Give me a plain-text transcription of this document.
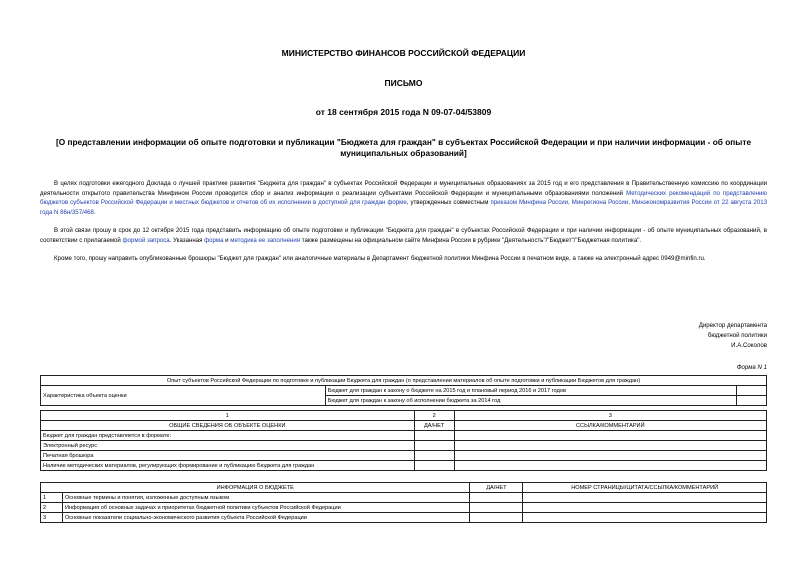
МИНИСТЕРСТВО ФИНАНСОВ РОССИЙСКОЙ ФЕДЕРАЦИИ
ПИСЬМО
от 18 сентября 2015 года N 09-07-04/53809
[О представлении информации об опыте подготовки и публикации "Бюджета для граждан" в субъектах Российской Федерации и при наличии информации - об опыте муниципальных образований]

В целях подготовки ежегодного Доклада о лучшей практике развития "Бюджета для граждан" в субъектах Российской Федерации и муниципальных образованиях за 2015 год и его представления в Правительственную комиссию по координации деятельности открытого правительства Минфином России проводится сбор и анализ информации о реализации субъектами Российской Федерации и муниципальными образованиями положений Методических рекомендаций по представлению бюджетов субъектов Российской Федерации и местных бюджетов и отчетов об их исполнении в доступной для граждан форме, утвержденных совместным приказом Минфина России, Минрегиона России, Минэкономразвития России от 22 августа 2013 года N 86н/357/468.

В этой связи прошу в срок до 12 октября 2015 года представить информацию об опыте подготовки и публикации "Бюджета для граждан" в субъектах Российской Федерации и при наличии информации - об опыте муниципальных образований, в соответствии с прилагаемой формой запроса. Указанная форма и методика ее заполнения также размещены на официальном сайте Минфина России в рубрике "Деятельность"/"Бюджет"/"Бюджетная политика".

Кроме того, прошу направить опубликованные брошюры "Бюджет для граждан" или аналогичные материалы в Департамент бюджетной политики Минфина России в печатном виде, а также на электронный адрес 0949@minfin.ru.

Директор департамента
бюджетной политики
И.А.Соколов
Форма N 1
Опыт субъектов Российской Федерации по подготовке и публикации Бюджета для граждан (о представлении материалов об опыте подготовки и публикации Бюджетов для граждан)				
Характеристика объекта оценки	Бюджет для граждан к закону о бюджете на 2015 год и плановый период 2016 и 2017 годов			
	Бюджет для граждан к закону об исполнении бюджета за 2014 год			

1		2	3	
ОБЩИЕ СВЕДЕНИЯ ОБ ОБЪЕКТЕ ОЦЕНКИ		ДА/НЕТ	ССЫЛКА/КОММЕНТАРИЙ	
Бюджет для граждан представляется в формате:				
Электронный ресурс				
Печатная брошюра				
Наличие методических материалов, регулирующих формирование и публикацию Бюджета для граждан				
ИНФОРМАЦИЯ О БЮДЖЕТЕ		ДА/НЕТ	НОМЕР СТРАНИЦЫ/ЦИТАТА/ССЫЛКА/КОММЕНТАРИЙ
1	Основные термины и понятия, изложенные доступным языком		
2	Информация об основных задачах и приоритетах бюджетной политики субъектов Российской Федерации		
3	Основные показатели социально-экономического развития субъекта Российской Федерации		
